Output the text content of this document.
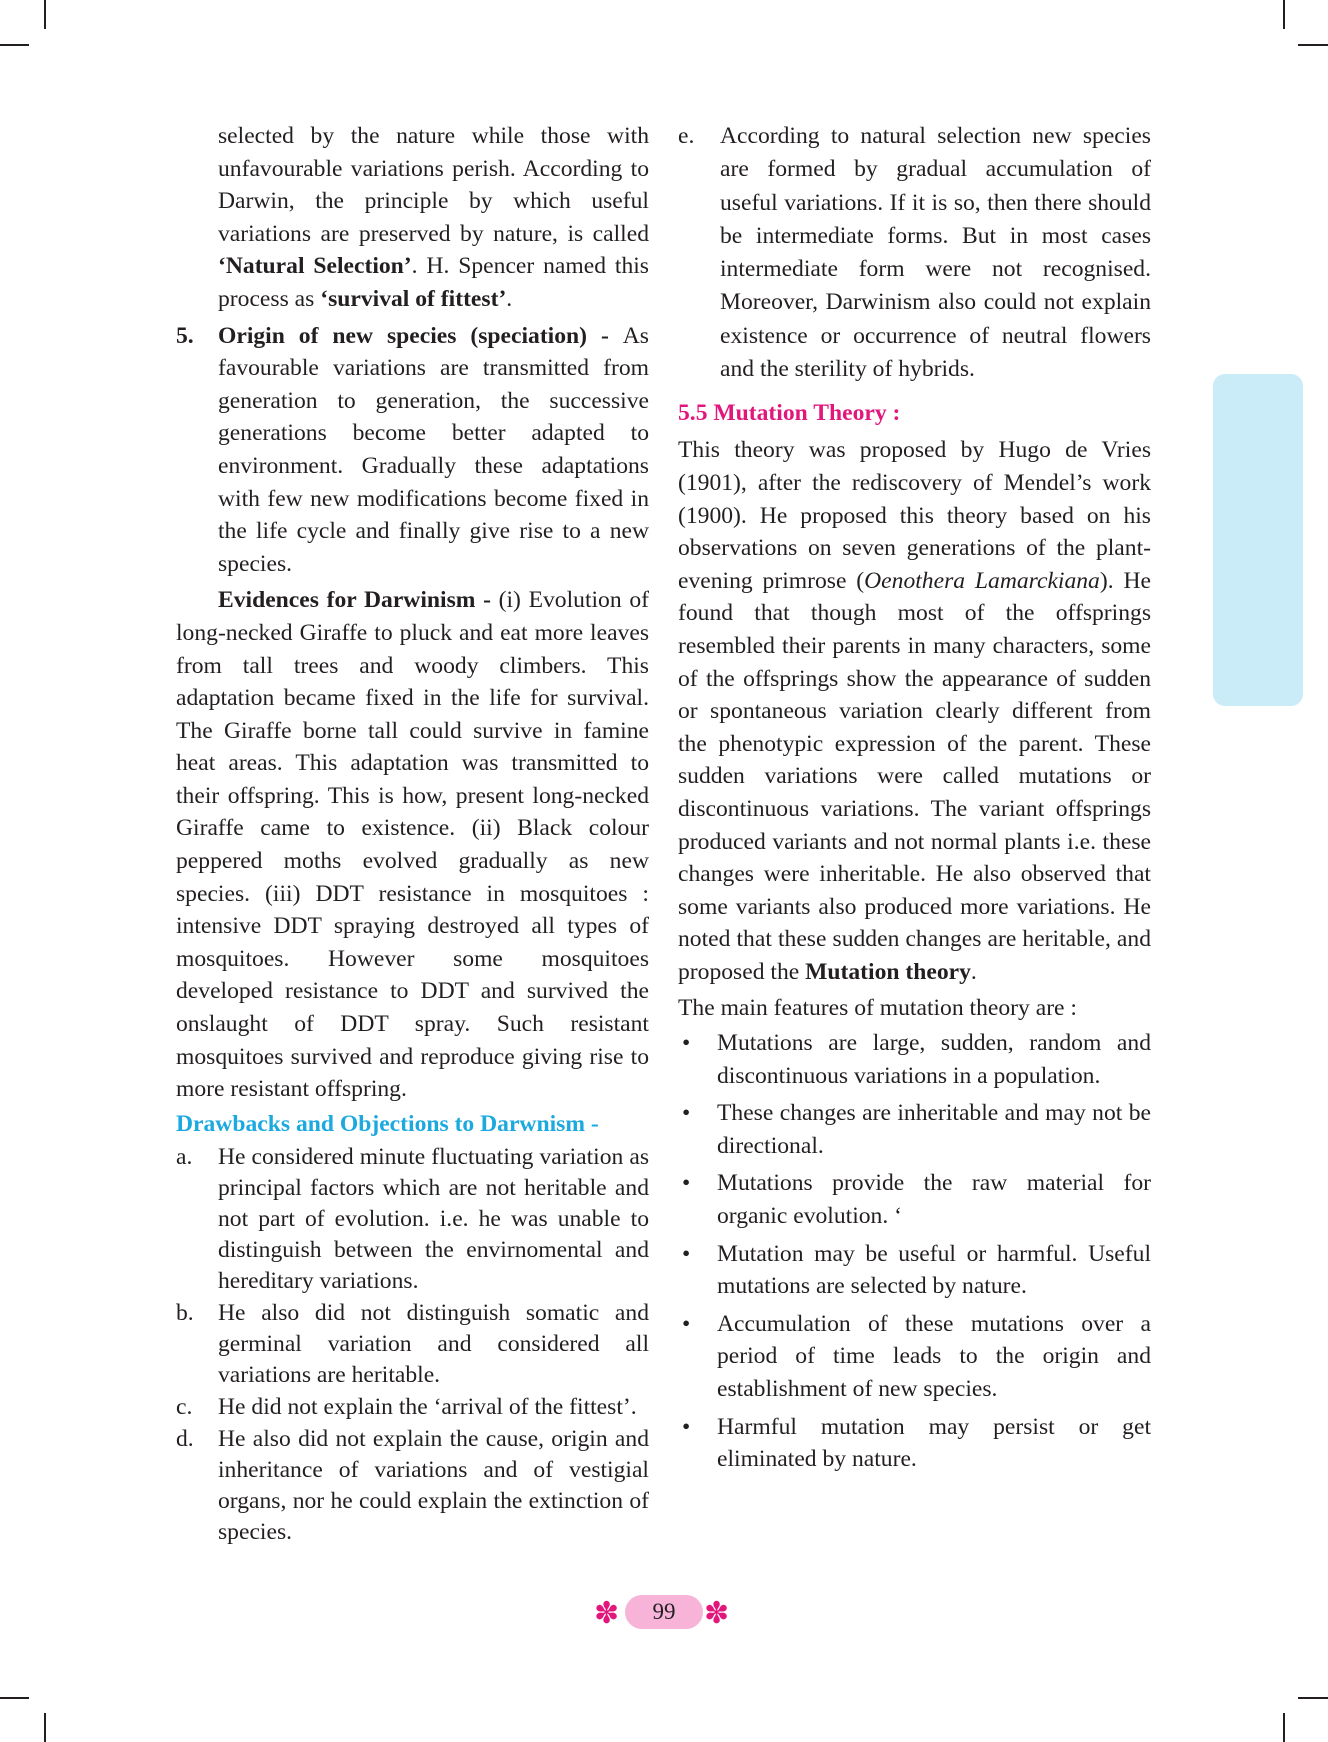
selected by the nature while those with unfavourable variations perish. According to Darwin, the principle by which useful variations are preserved by nature, is called ‘Natural Selection’. H. Spencer named this process as ‘survival of fittest’.

5. Origin of new species (speciation) - As favourable variations are transmitted from generation to generation, the successive generations become better adapted to environment. Gradually these adaptations with few new modifications become fixed in the life cycle and finally give rise to a new species.

Evidences for Darwinism - (i) Evolution of long-necked Giraffe to pluck and eat more leaves from tall trees and woody climbers. This adaptation became fixed in the life for survival. The Giraffe borne tall could survive in famine heat areas. This adaptation was transmitted to their offspring. This is how, present long-necked Giraffe came to existence. (ii) Black colour peppered moths evolved gradually as new species. (iii) DDT resistance in mosquitoes : intensive DDT spraying destroyed all types of mosquitoes. However some mosquitoes developed resistance to DDT and survived the onslaught of DDT spray. Such resistant mosquitoes survived and reproduce giving rise to more resistant offspring.

Drawbacks and Objections to Darwnism -

a. He considered minute fluctuating variation as principal factors which are not heritable and not part of evolution. i.e. he was unable to distinguish between the envirnomental and hereditary variations.
b. He also did not distinguish somatic and germinal variation and considered all variations are heritable.
c. He did not explain the ‘arrival of the fittest’.
d. He also did not explain the cause, origin and inheritance of variations and of vestigial organs, nor he could explain the extinction of species.
e. According to natural selection new species are formed by gradual accumulation of useful variations. If it is so, then there should be intermediate forms. But in most cases intermediate form were not recognised. Moreover, Darwinism also could not explain existence or occurrence of neutral flowers and the sterility of hybrids.

5.5 Mutation Theory :

This theory was proposed by Hugo de Vries (1901), after the rediscovery of Mendel’s work (1900). He proposed this theory based on his observations on seven generations of the plant-evening primrose (Oenothera Lamarckiana). He found that though most of the offsprings resembled their parents in many characters, some of the offsprings show the appearance of sudden or spontaneous variation clearly different from the phenotypic expression of the parent. These sudden variations were called mutations or discontinuous variations. The variant offsprings produced variants and not normal plants i.e. these changes were inheritable. He also observed that some variants also produced more variations. He noted that these sudden changes are heritable, and proposed the Mutation theory.

The main features of mutation theory are :

• Mutations are large, sudden, random and discontinuous variations in a population.
• These changes are inheritable and may not be directional.
• Mutations provide the raw material for organic evolution. ‘
• Mutation may be useful or harmful. Useful mutations are selected by nature.
• Accumulation of these mutations over a period of time leads to the origin and establishment of new species.
• Harmful mutation may persist or get eliminated by nature.
✽	99 ✽
